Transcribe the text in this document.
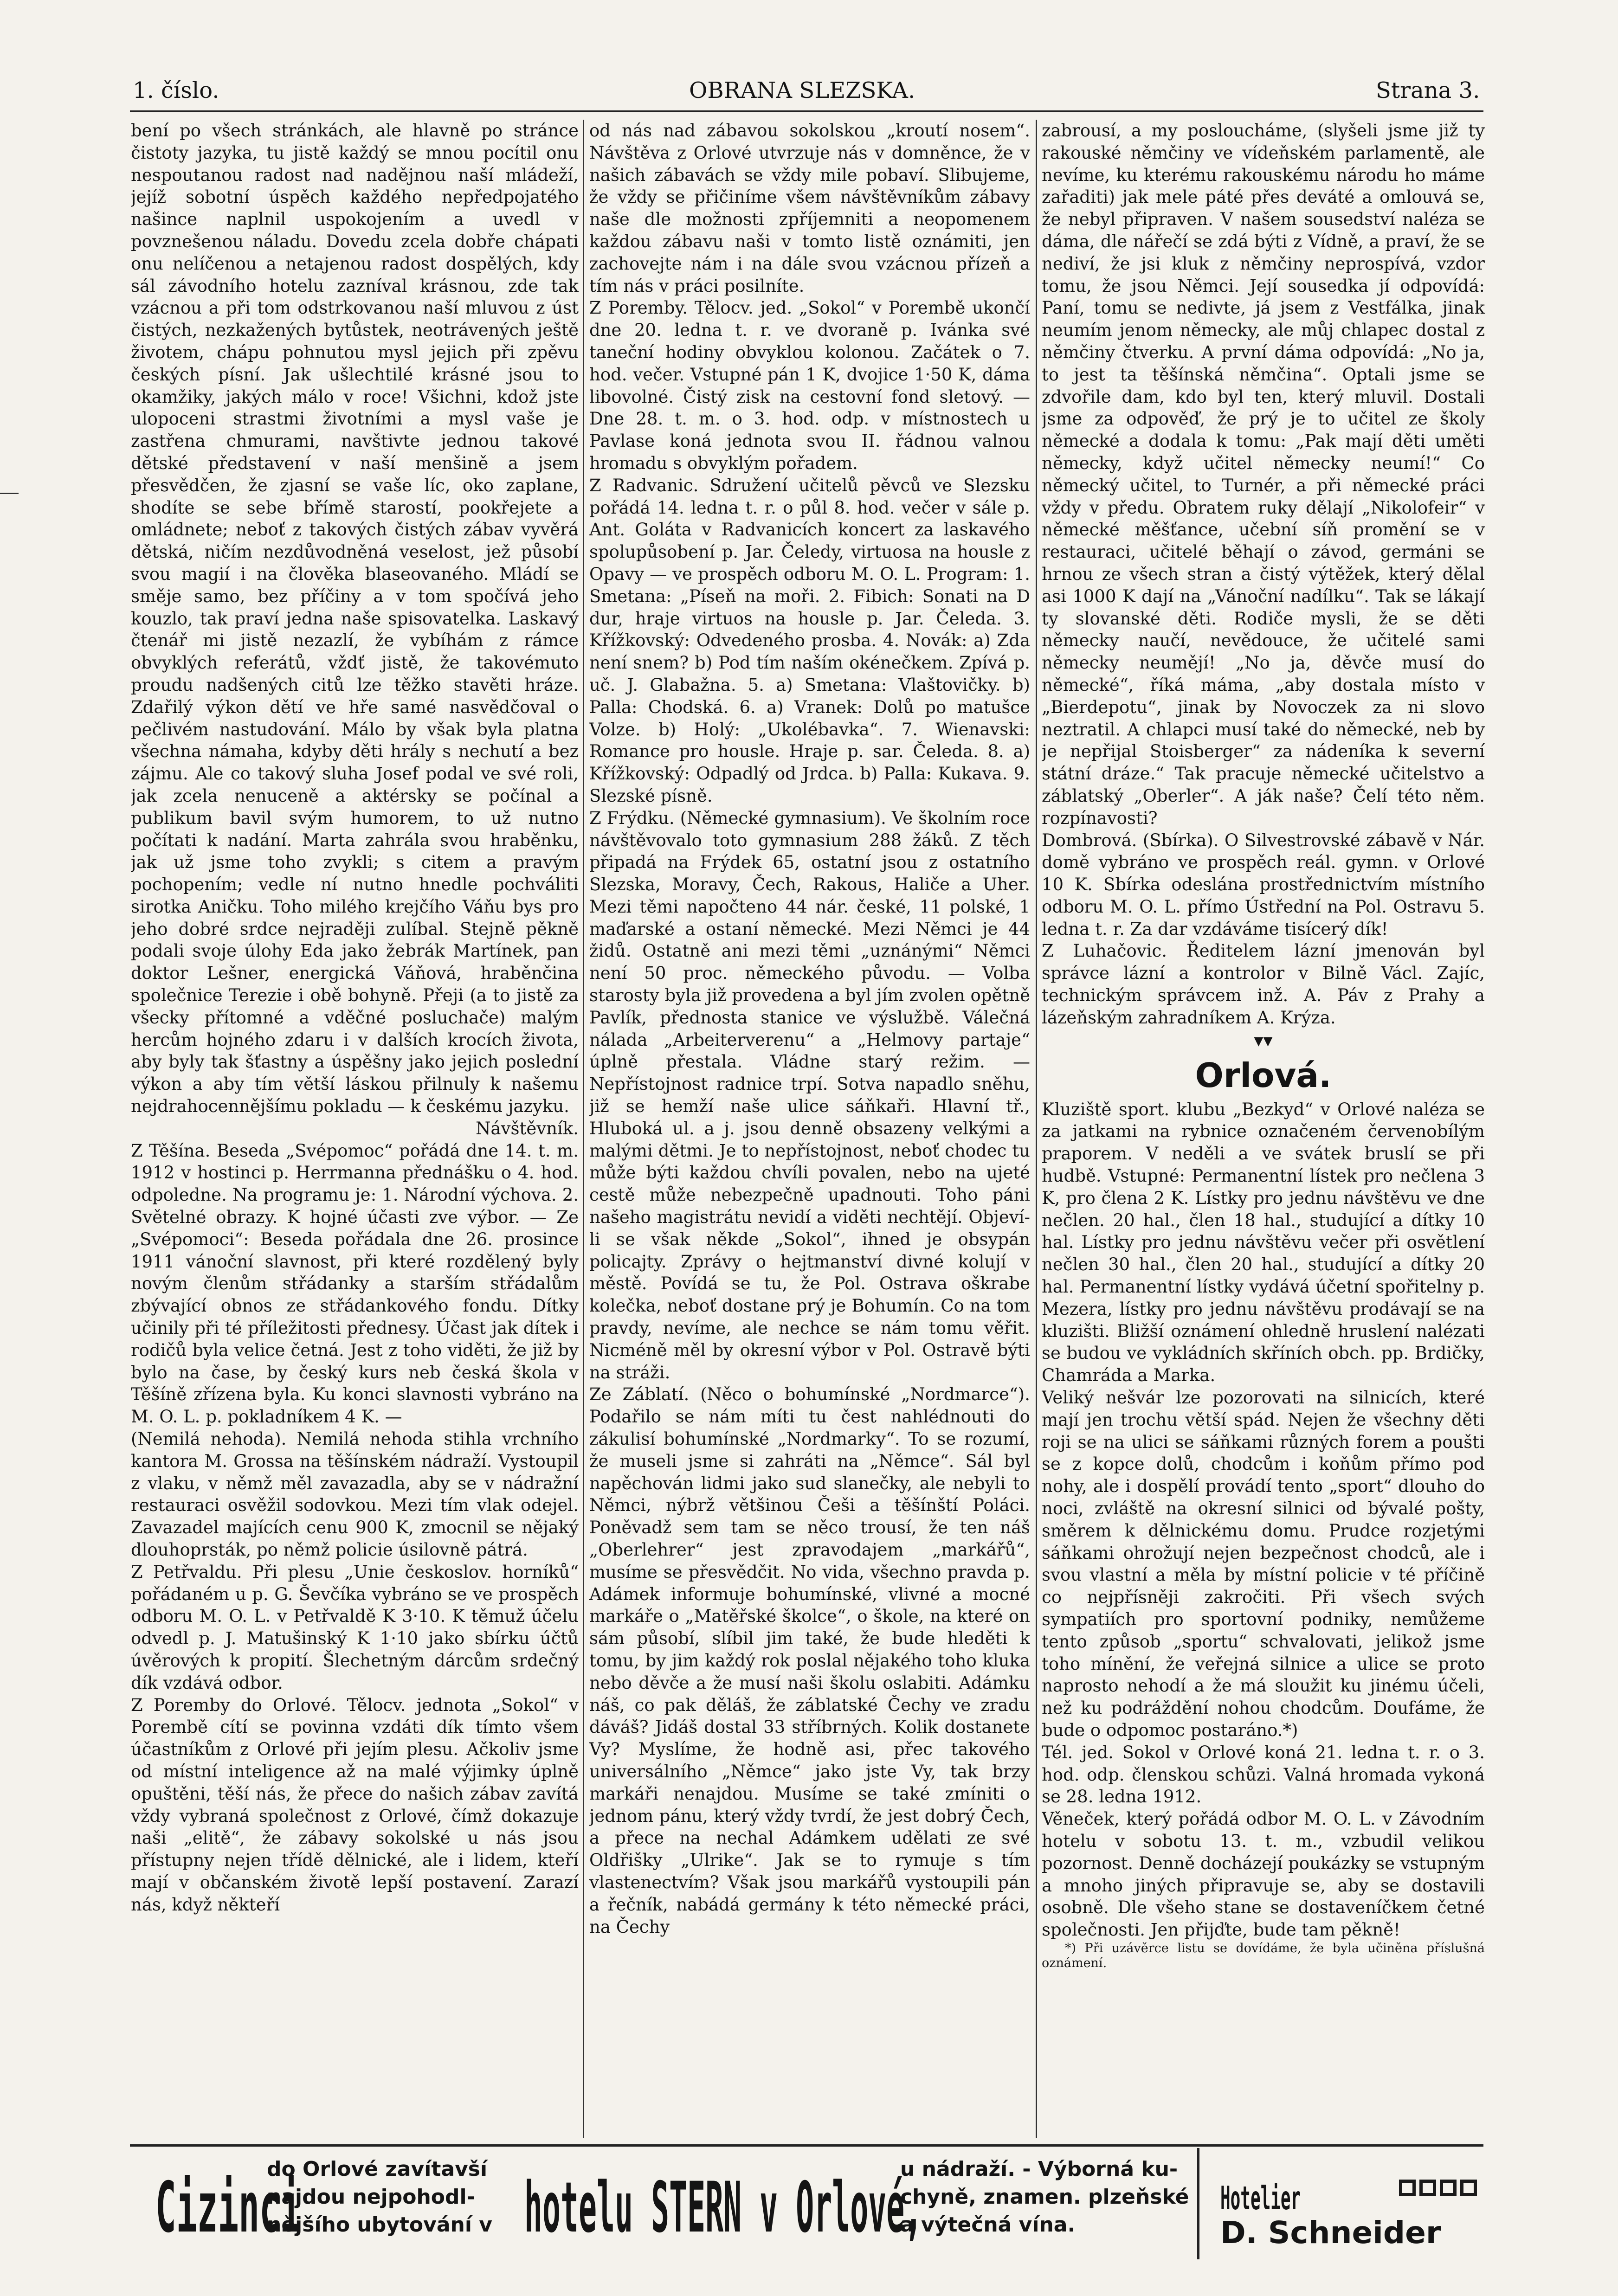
1. číslo.	OBRANA SLEZSKA.	Strana 3.

bení po všech stránkách, ale hlavně po stránce čistoty jazyka, tu jistě každý se mnou pocítil onu nespoutanou radost nad nadějnou naší mládeží, jejíž sobotní úspěch každého nepředpojatého našince naplnil uspokojením a uvedl v povznešenou náladu. Dovedu zcela dobře chápati onu nelíčenou a netajenou radost dospělých, kdy sál závodního hotelu zazníval krásnou, zde tak vzácnou a při tom odstrkovanou naší mluvou z úst čistých, nezkažených bytůstek, neotrávených ještě životem, chápu pohnutou mysl jejich při zpěvu českých písní. Jak ušlechtilé krásné jsou to okamžiky, jakých málo v roce! Všichni, kdož jste ulopoceni strastmi životními a mysl vaše je zastřena chmurami, navštivte jednou takové dětské představení v naší menšině a jsem přesvědčen, že zjasní se vaše líc, oko zaplane, shodíte se sebe břímě starostí, pookřejete a omládnete; neboť z takových čistých zábav vyvěrá dětská, ničím nezdůvodněná veselost, jež působí svou magií i na člověka blaseovaného. Mládí se směje samo, bez příčiny a v tom spočívá jeho kouzlo, tak praví jedna naše spisovatelka. Laskavý čtenář mi jistě nezazlí, že vybíhám z rámce obvyklých referátů, vždť jistě, že takovémuto proudu nadšených citů lze těžko stavěti hráze. Zdařilý výkon dětí ve hře samé nasvědčoval o pečlivém nastudování. Málo by však byla platna všechna námaha, kdyby děti hrály s nechutí a bez zájmu. Ale co takový sluha Josef podal ve své roli, jak zcela nenuceně a aktérsky se počínal a publikum bavil svým humorem, to už nutno počítati k nadání. Marta zahrála svou hraběnku, jak už jsme toho zvykli; s citem a pravým pochopením; vedle ní nutno hnedle pochváliti sirotka Aničku. Toho milého krejčího Váňu bys pro jeho dobré srdce nejraději zulíbal. Stejně pěkně podali svoje úlohy Eda jako žebrák Martínek, pan doktor Lešner, energická Váňová, hraběnčina společnice Terezie i obě bohyně. Přeji (a to jistě za všecky přítomné a vděčné posluchače) malým hercům hojného zdaru i v dalších krocích života, aby byly tak šťastny a úspěšny jako jejich poslední výkon a aby tím větší láskou přilnuly k našemu nejdrahocennějšímu pokladu — k českému jazyku.

Návštěvník.

Z Těšína. Beseda „Svépomoc“ pořádá dne 14. t. m. 1912 v hostinci p. Herrmanna přednášku o 4. hod. odpoledne. Na programu je: 1. Národní výchova. 2. Světelné obrazy. K hojné účasti zve výbor. — Ze „Svépomoci“: Beseda pořádala dne 26. prosince 1911 vánoční slavnost, při které rozdělený byly novým členům střádanky a starším střádalům zbývající obnos ze střádankového fondu. Dítky učinily při té příležitosti přednesy. Účast jak dítek i rodičů byla velice četná. Jest z toho viděti, že již by bylo na čase, by český kurs neb česká škola v Těšíně zřízena byla. Ku konci slavnosti vybráno na M. O. L. p. pokladníkem 4 K. —

(Nemilá nehoda). Nemilá nehoda stihla vrchního kantora M. Grossa na těšínském nádraží. Vystoupil z vlaku, v němž měl zavazadla, aby se v nádražní restauraci osvěžil sodovkou. Mezi tím vlak odejel. Zavazadel majících cenu 900 K, zmocnil se nějaký dlouhoprsták, po němž policie úsilovně pátrá.

Z Petřvaldu. Při plesu „Unie českoslov. horníků“ pořádaném u p. G. Ševčíka vybráno se ve prospěch odboru M. O. L. v Petřvaldě K 3·10. K těmuž účelu odvedl p. J. Matušinský K 1·10 jako sbírku účtů úvěrových k propití. Šlechetným dárcům srdečný dík vzdává odbor.

Z Poremby do Orlové. Tělocv. jednota „Sokol“ v Porembě cítí se povinna vzdáti dík tímto všem účastníkům z Orlové při jejím plesu. Ačkoliv jsme od místní inteligence až na malé výjimky úplně opuštěni, těší nás, že přece do našich zábav zavítá vždy vybraná společnost z Orlové, čímž dokazuje naši „elitě“, že zábavy sokolské u nás jsou přístupny nejen třídě dělnické, ale i lidem, kteří mají v občanském životě lepší postavení. Zarazí nás, když někteří

od nás nad zábavou sokolskou „kroutí nosem“. Návštěva z Orlové utvrzuje nás v domněnce, že v našich zábavách se vždy mile pobaví. Slibujeme, že vždy se přičiníme všem návštěvníkům zábavy naše dle možnosti zpříjemniti a neopomenem každou zábavu naši v tomto listě oznámiti, jen zachovejte nám i na dále svou vzácnou přízeň a tím nás v práci posilníte.

Z Poremby. Tělocv. jed. „Sokol“ v Porembě ukončí dne 20. ledna t. r. ve dvoraně p. Ivánka své taneční hodiny obvyklou kolonou. Začátek o 7. hod. večer. Vstupné pán 1 K, dvojice 1·50 K, dáma libovolné. Čistý zisk na cestovní fond sletový. — Dne 28. t. m. o 3. hod. odp. v místnostech u Pavlase koná jednota svou II. řádnou valnou hromadu s obvyklým pořadem.

Z Radvanic. Sdružení učitelů pěvců ve Slezsku pořádá 14. ledna t. r. o půl 8. hod. večer v sále p. Ant. Goláta v Radvanicích koncert za laskavého spolupůsobení p. Jar. Čeledy, virtuosa na housle z Opavy — ve prospěch odboru M. O. L. Program: 1. Smetana: „Píseň na moři. 2. Fibich: Sonati na D dur, hraje virtuos na housle p. Jar. Čeleda. 3. Křížkovský: Odvedeného prosba. 4. Novák: a) Zda není snem? b) Pod tím naším okénečkem. Zpívá p. uč. J. Glabažna. 5. a) Smetana: Vlaštovičky. b) Palla: Chodská. 6. a) Vranek: Dolů po matušce Volze. b) Holý: „Ukolébavka“. 7. Wienavski: Romance pro housle. Hraje p. sar. Čeleda. 8. a) Křížkovský: Odpadlý od Jrdca. b) Palla: Kukava. 9. Slezské písně.

Z Frýdku. (Německé gymnasium). Ve školním roce návštěvovalo toto gymnasium 288 žáků. Z těch připadá na Frýdek 65, ostatní jsou z ostatního Slezska, Moravy, Čech, Rakous, Haliče a Uher. Mezi těmi napočteno 44 nár. české, 11 polské, 1 maďarské a ostaní německé. Mezi Němci je 44 židů. Ostatně ani mezi těmi „uznánými“ Němci není 50 proc. německého původu. — Volba starosty byla již provedena a byl jím zvolen opětně Pavlík, přednosta stanice ve výslužbě. Válečná nálada „Arbeiterverenu“ a „Helmovy partaje“ úplně přestala. Vládne starý režim. — Nepřístojnost radnice trpí. Sotva napadlo sněhu, již se hemží naše ulice sáňkaři. Hlavní tř., Hluboká ul. a j. jsou denně obsazeny velkými a malými dětmi. Je to nepřístojnost, neboť chodec tu může býti každou chvíli povalen, nebo na ujeté cestě může nebezpečně upadnouti. Toho páni našeho magistrátu nevidí a viděti nechtějí. Objeví-li se však někde „Sokol“, ihned je obsypán policajty. Zprávy o hejtmanství divné kolují v městě. Povídá se tu, že Pol. Ostrava oškrabe kolečka, neboť dostane prý je Bohumín. Co na tom pravdy, nevíme, ale nechce se nám tomu věřit. Nicméně měl by okresní výbor v Pol. Ostravě býti na stráži.

Ze Záblatí. (Něco o bohumínské „Nordmarce“). Podařilo se nám míti tu čest nahlédnouti do zákulisí bohumínské „Nordmarky“. To se rozumí, že museli jsme si zahráti na „Němce“. Sál byl napěchován lidmi jako sud slanečky, ale nebyli to Němci, nýbrž většinou Češi a těšínští Poláci. Poněvadž sem tam se něco trousí, že ten náš „Oberlehrer“ jest zpravodajem „markářů“, musíme se přesvědčit. No vida, všechno pravda p. Adámek informuje bohumínské, vlivné a mocné markáře o „Matěřské školce“, o škole, na které on sám působí, slíbil jim také, že bude hleděti k tomu, by jim každý rok poslal nějakého toho kluka nebo děvče a že musí naši školu oslabiti. Adámku náš, co pak děláš, že záblatské Čechy ve zradu dáváš? Jidáš dostal 33 stříbrných. Kolik dostanete Vy? Myslíme, že hodně asi, přec takového universálního „Němce“ jako jste Vy, tak brzy markáři nenajdou. Musíme se také zmíniti o jednom pánu, který vždy tvrdí, že jest dobrý Čech, a přece na nechal Adámkem udělati ze své Oldřišky „Ulrike“. Jak se to rymuje s tím vlastenectvím? Však jsou markářů vystoupili pán a řečník, nabádá germány k této německé práci, na Čechy

zabrousí, a my posloucháme, (slyšeli jsme již ty rakouské němčiny ve vídeňském parlamentě, ale nevíme, ku kterému rakouskému národu ho máme zařaditi) jak mele páté přes deváté a omlouvá se, že nebyl připraven. V našem sousedství naléza se dáma, dle nářečí se zdá býti z Vídně, a praví, že se nediví, že jsi kluk z němčiny neprospívá, vzdor tomu, že jsou Němci. Její sousedka jí odpovídá: Paní, tomu se nedivte, já jsem z Vestfálka, jinak neumím jenom německy, ale můj chlapec dostal z němčiny čtverku. A první dáma odpovídá: „No ja, to jest ta těšínská němčina“. Optali jsme se zdvořile dam, kdo byl ten, který mluvil. Dostali jsme za odpověď, že prý je to učitel ze školy německé a dodala k tomu: „Pak mají děti uměti německy, když učitel německy neumí!“ Co německý učitel, to Turnér, a při německé práci vždy v předu. Obratem ruky dělají „Nikolofeir“ v německé měšťance, učební síň promění se v restauraci, učitelé běhají o závod, germáni se hrnou ze všech stran a čistý výtěžek, který dělal asi 1000 K dají na „Vánoční nadílku“. Tak se lákají ty slovanské děti. Rodiče mysli, že se děti německy naučí, nevědouce, že učitelé sami německy neumějí! „No ja, děvče musí do německé“, říká máma, „aby dostala místo v „Bierdepotu“, jinak by Novoczek za ni slovo neztratil. A chlapci musí také do německé, neb by je nepřijal Stoisberger“ za nádeníka k severní státní dráze.“ Tak pracuje německé učitelstvo a záblatský „Oberler“. A ják naše? Čelí této něm. rozpínavosti?

Dombrová. (Sbírka). O Silvestrovské zábavě v Nár. domě vybráno ve prospěch reál. gymn. v Orlové 10 K. Sbírka odeslána prostřednictvím místního odboru M. O. L. přímo Ústřední na Pol. Ostravu 5. ledna t. r. Za dar vzdáváme tisícerý dík!

Z Luhačovic. Ředitelem lázní jmenován byl správce lázní a kontrolor v Bilně Václ. Zajíc, technickým správcem inž. A. Páv z Prahy a lázeňským zahradníkem A. Krýza.

▾▾

Orlová.

Kluziště sport. klubu „Bezkyd“ v Orlové naléza se za jatkami na rybnice označeném červenobílým praporem. V neděli a ve svátek bruslí se při hudbě. Vstupné: Permanentní lístek pro nečlena 3 K, pro člena 2 K. Lístky pro jednu návštěvu ve dne nečlen. 20 hal., člen 18 hal., studující a dítky 10 hal. Lístky pro jednu návštěvu večer při osvětlení nečlen 30 hal., člen 20 hal., studující a dítky 20 hal. Permanentní lístky vydává účetní spořitelny p. Mezera, lístky pro jednu návštěvu prodávají se na kluzišti. Bližší oznámení ohledně hruslení nalézati se budou ve vykládních skříních obch. pp. Brdičky, Chamráda a Marka.

Veliký nešvár lze pozorovati na silnicích, které mají jen trochu větší spád. Nejen že všechny děti roji se na ulici se sáňkami různých forem a poušti se z kopce dolů, chodcům i koňům přímo pod nohy, ale i dospělí provádí tento „sport“ dlouho do noci, zvláště na okresní silnici od bývalé pošty, směrem k dělnickému domu. Prudce rozjetými sáňkami ohrožují nejen bezpečnost chodců, ale i svou vlastní a měla by místní policie v té příčině co nejpřísněji zakročiti. Při všech svých sympatiích pro sportovní podniky, nemůžeme tento způsob „sportu“ schvalovati, jelikož jsme toho mínění, že veřejná silnice a ulice se proto naprosto nehodí a že má sloužit ku jinému účeli, než ku podráždění nohou chodcům. Doufáme, že bude o odpomoc postaráno.*)

Tél. jed. Sokol v Orlové koná 21. ledna t. r. o 3. hod. odp. členskou schůzi. Valná hromada vykoná se 28. ledna 1912.

Věneček, který pořádá odbor M. O. L. v Závodním hotelu v sobotu 13. t. m., vzbudil velikou pozornost. Denně docházejí poukázky se vstupným a mnoho jiných připravuje se, aby se dostavili osobně. Dle všeho stane se dostaveníčkem četné společnosti. Jen přijďte, bude tam pěkně!

*) Při uzávěrce listu se dovídáme, že byla učiněna příslušná oznámení.

Cizinci
do Orlové zavítavší
najdou nejpohodl-
nějšího ubytování v hotelu STERN v Orlové,
u nádraží. - Výborná ku-
chyně, znamen. plzeňské
a výtečná vína.
Hotelier
D. Schneider
